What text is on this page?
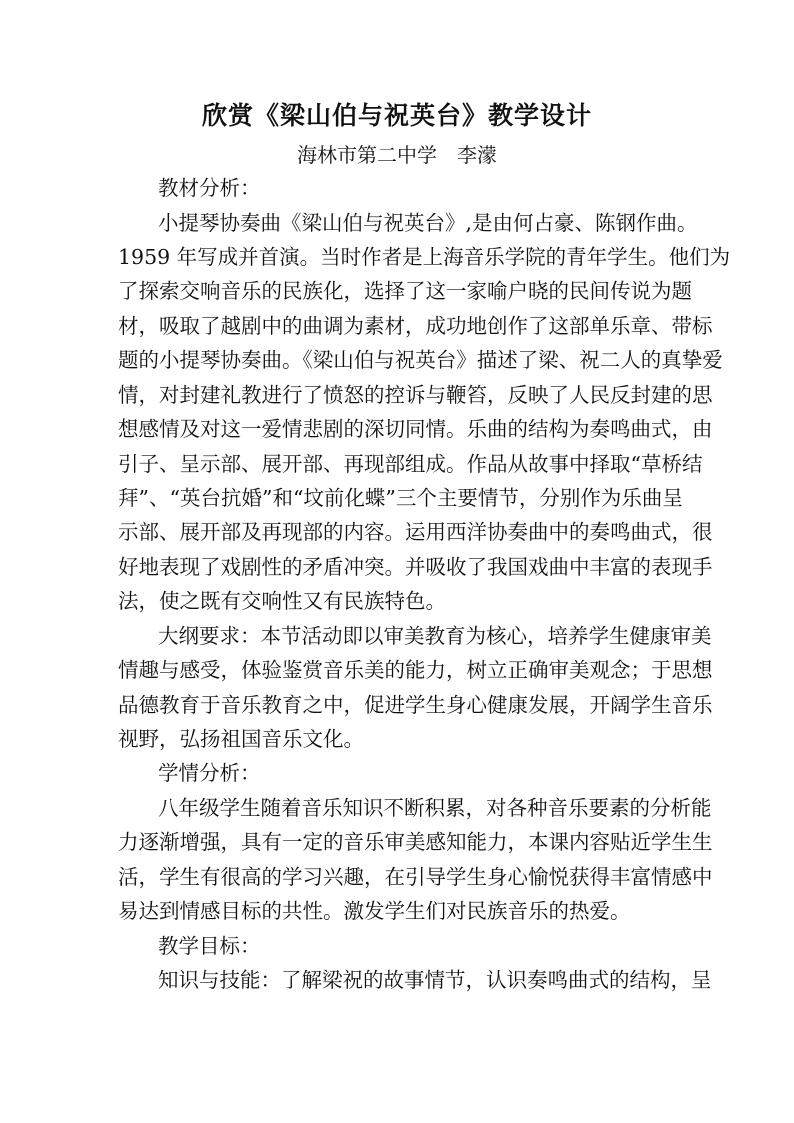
欣赏《梁山伯与祝英台》教学设计
海林市第二中学　李濛
教材分析：
小提琴协奏曲《梁山伯与祝英台》,是由何占豪、陈钢作曲。
1959 年写成并首演。当时作者是上海音乐学院的青年学生。他们为
了探索交响音乐的民族化，选择了这一家喻户晓的民间传说为题
材，吸取了越剧中的曲调为素材，成功地创作了这部单乐章、带标
题的小提琴协奏曲。《梁山伯与祝英台》描述了梁、祝二人的真挚爱
情，对封建礼教进行了愤怒的控诉与鞭笞，反映了人民反封建的思
想感情及对这一爱情悲剧的深切同情。乐曲的结构为奏鸣曲式，由
引子、呈示部、展开部、再现部组成。作品从故事中择取“草桥结
拜”、“英台抗婚”和“坟前化蝶”三个主要情节，分别作为乐曲呈
示部、展开部及再现部的内容。运用西洋协奏曲中的奏鸣曲式，很
好地表现了戏剧性的矛盾冲突。并吸收了我国戏曲中丰富的表现手
法，使之既有交响性又有民族特色。
大纲要求：本节活动即以审美教育为核心，培养学生健康审美
情趣与感受，体验鉴赏音乐美的能力，树立正确审美观念；于思想
品德教育于音乐教育之中，促进学生身心健康发展，开阔学生音乐
视野，弘扬祖国音乐文化。
学情分析：
八年级学生随着音乐知识不断积累，对各种音乐要素的分析能
力逐渐增强，具有一定的音乐审美感知能力，本课内容贴近学生生
活，学生有很高的学习兴趣，在引导学生身心愉悦获得丰富情感中
易达到情感目标的共性。激发学生们对民族音乐的热爱。
教学目标：
知识与技能：了解梁祝的故事情节，认识奏鸣曲式的结构，呈
